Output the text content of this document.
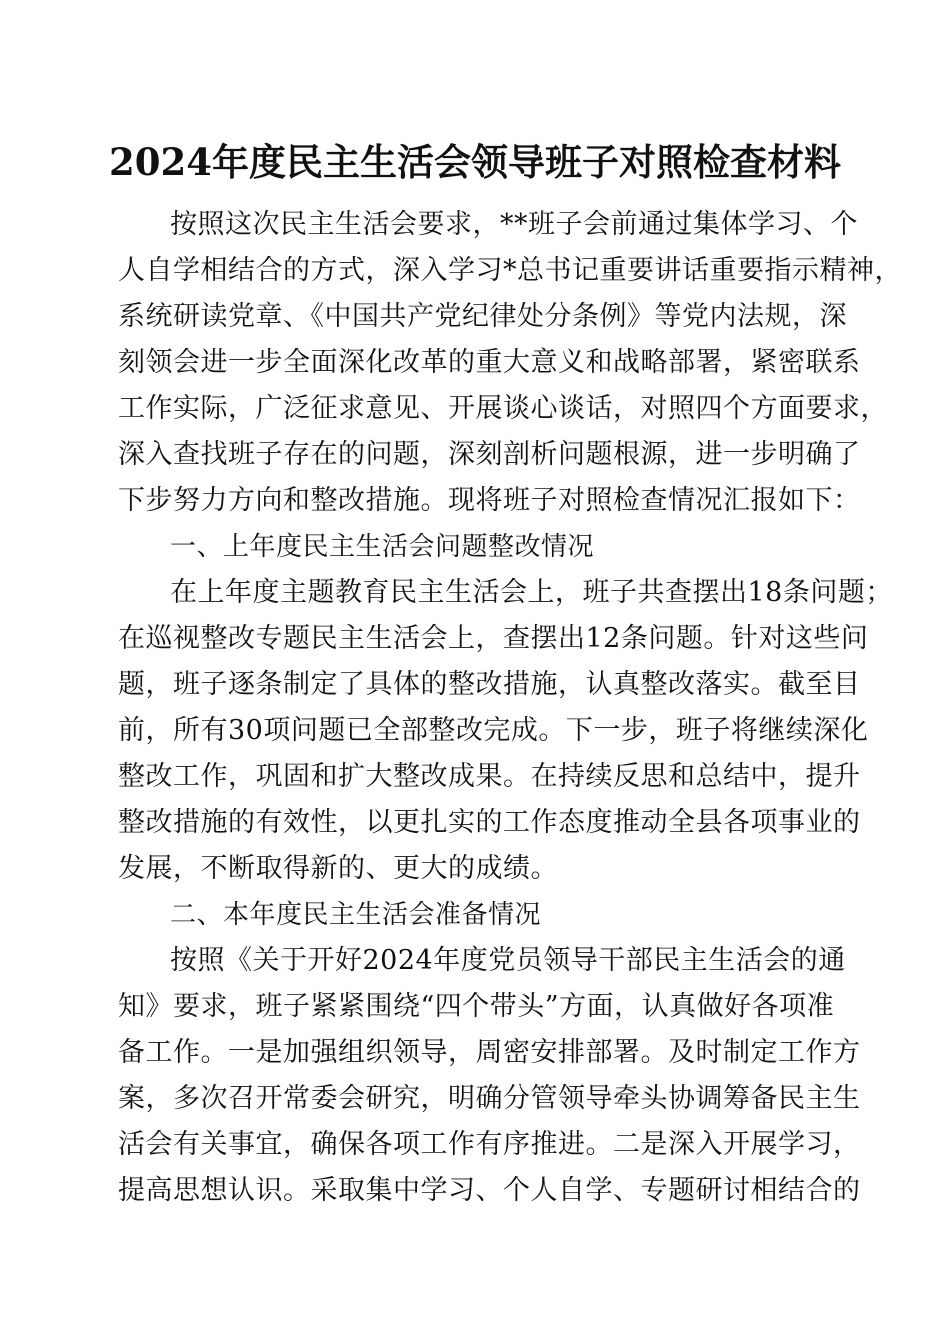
2024年度民主生活会领导班子对照检查材料
按照这次民主生活会要求，**班子会前通过集体学习、个
人自学相结合的方式，深入学习*总书记重要讲话重要指示精神，
系统研读党章、《中国共产党纪律处分条例》等党内法规，深
刻领会进一步全面深化改革的重大意义和战略部署，紧密联系
工作实际，广泛征求意见、开展谈心谈话，对照四个方面要求，
深入查找班子存在的问题，深刻剖析问题根源，进一步明确了
下步努力方向和整改措施。现将班子对照检查情况汇报如下：
一、上年度民主生活会问题整改情况
在上年度主题教育民主生活会上，班子共查摆出18条问题；
在巡视整改专题民主生活会上，查摆出12条问题。针对这些问
题，班子逐条制定了具体的整改措施，认真整改落实。截至目
前，所有30项问题已全部整改完成。下一步，班子将继续深化
整改工作，巩固和扩大整改成果。在持续反思和总结中，提升
整改措施的有效性，以更扎实的工作态度推动全县各项事业的
发展，不断取得新的、更大的成绩。
二、本年度民主生活会准备情况
按照《关于开好2024年度党员领导干部民主生活会的通
知》要求，班子紧紧围绕“四个带头”方面，认真做好各项准
备工作。一是加强组织领导，周密安排部署。及时制定工作方
案，多次召开常委会研究，明确分管领导牵头协调筹备民主生
活会有关事宜，确保各项工作有序推进。二是深入开展学习，
提高思想认识。采取集中学习、个人自学、专题研讨相结合的
